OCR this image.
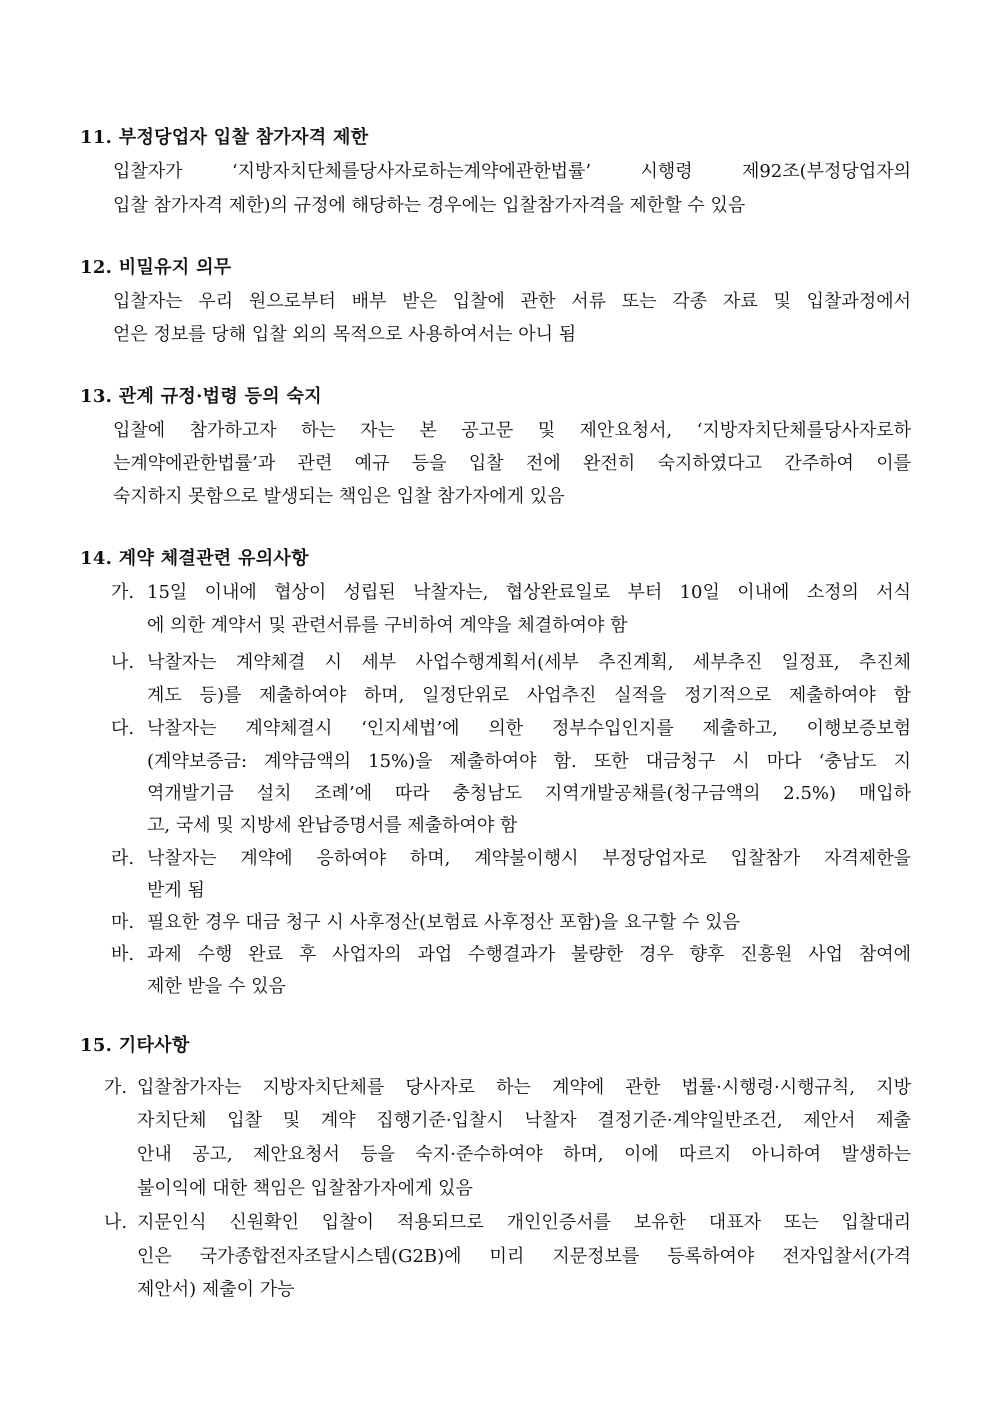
11. 부정당업자 입찰 참가자격 제한
입찰자가 ‘지방자치단체를당사자로하는계약에관한법률’ 시행령 제92조(부정당업자의
입찰 참가자격 제한)의 규정에 해당하는 경우에는 입찰참가자격을 제한할 수 있음
12. 비밀유지 의무
입찰자는 우리 원으로부터 배부 받은 입찰에 관한 서류 또는 각종 자료 및 입찰과정에서
얻은 정보를 당해 입찰 외의 목적으로 사용하여서는 아니 됨
13. 관계 규정·법령 등의 숙지
입찰에 참가하고자 하는 자는 본 공고문 및 제안요청서, ‘지방자치단체를당사자로하
는계약에관한법률’과 관련 예규 등을 입찰 전에 완전히 숙지하였다고 간주하여 이를
숙지하지 못함으로 발생되는 책임은 입찰 참가자에게 있음
14. 계약 체결관련 유의사항
가. 15일 이내에 협상이 성립된 낙찰자는, 협상완료일로 부터 10일 이내에 소정의 서식
에 의한 계약서 및 관련서류를 구비하여 계약을 체결하여야 함
나. 낙찰자는 계약체결 시 세부 사업수행계획서(세부 추진계획, 세부추진 일정표, 추진체
계도 등)를 제출하여야 하며, 일정단위로 사업추진 실적을 정기적으로 제출하여야 함
다. 낙찰자는 계약체결시 ‘인지세법’에 의한 정부수입인지를 제출하고, 이행보증보험
(계약보증금: 계약금액의 15%)을 제출하여야 함. 또한 대금청구 시 마다 ‘충남도 지
역개발기금 설치 조례’에 따라 충청남도 지역개발공채를(청구금액의 2.5%) 매입하
고, 국세 및 지방세 완납증명서를 제출하여야 함
라. 낙찰자는 계약에 응하여야 하며, 계약불이행시 부정당업자로 입찰참가 자격제한을
받게 됨
마. 필요한 경우 대금 청구 시 사후정산(보험료 사후정산 포함)을 요구할 수 있음
바. 과제 수행 완료 후 사업자의 과업 수행결과가 불량한 경우 향후 진흥원 사업 참여에
제한 받을 수 있음
15. 기타사항
가. 입찰참가자는 지방자치단체를 당사자로 하는 계약에 관한 법률·시행령·시행규칙, 지방
자치단체 입찰 및 계약 집행기준·입찰시 낙찰자 결정기준·계약일반조건, 제안서 제출
안내 공고, 제안요청서 등을 숙지·준수하여야 하며, 이에 따르지 아니하여 발생하는
불이익에 대한 책임은 입찰참가자에게 있음
나. 지문인식 신원확인 입찰이 적용되므로 개인인증서를 보유한 대표자 또는 입찰대리
인은 국가종합전자조달시스템(G2B)에 미리 지문정보를 등록하여야 전자입찰서(가격
제안서) 제출이 가능
